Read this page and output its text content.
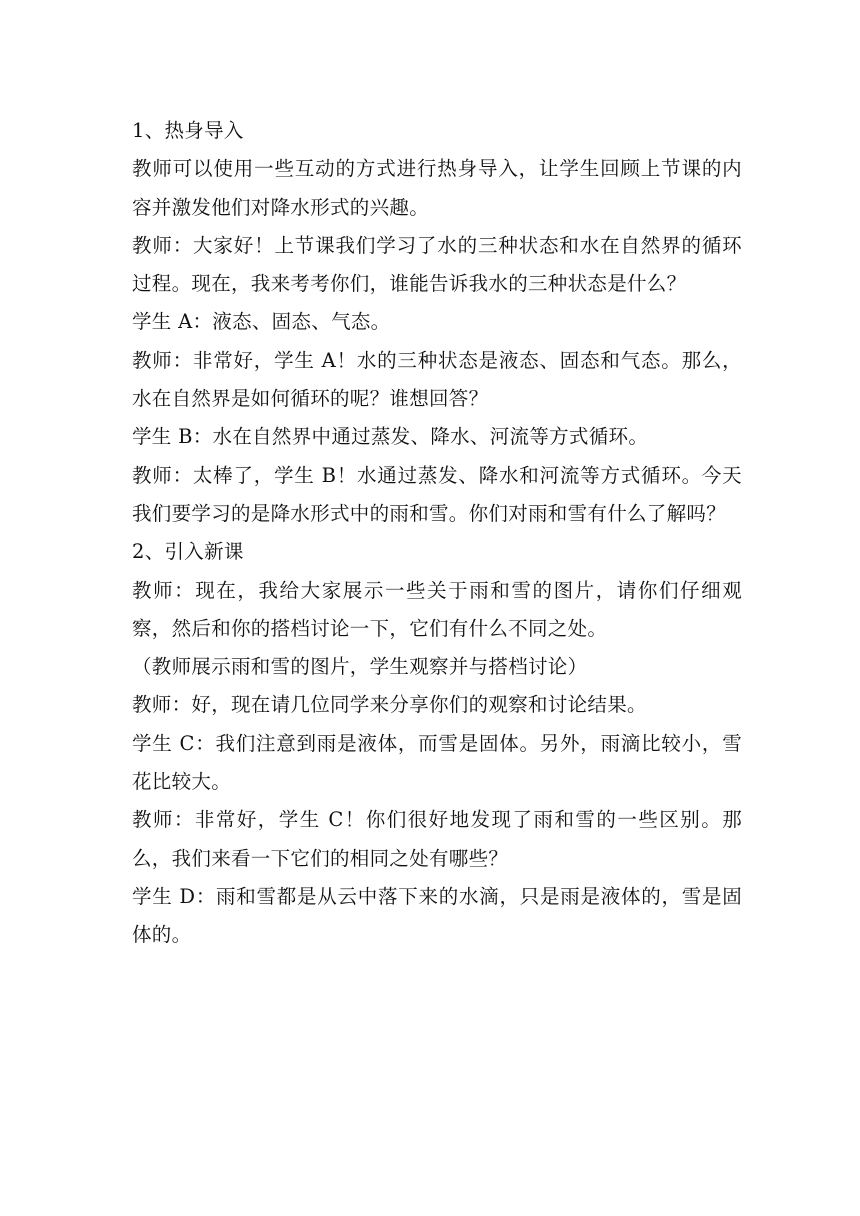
1、热身导入

教师可以使用一些互动的方式进行热身导入，让学生回顾上节课的内容并激发他们对降水形式的兴趣。

教师：大家好！上节课我们学习了水的三种状态和水在自然界的循环过程。现在，我来考考你们，谁能告诉我水的三种状态是什么？

学生 A：液态、固态、气态。

教师：非常好，学生 A！水的三种状态是液态、固态和气态。那么，水在自然界是如何循环的呢？谁想回答？

学生 B：水在自然界中通过蒸发、降水、河流等方式循环。

教师：太棒了，学生 B！水通过蒸发、降水和河流等方式循环。今天我们要学习的是降水形式中的雨和雪。你们对雨和雪有什么了解吗？

2、引入新课

教师：现在，我给大家展示一些关于雨和雪的图片，请你们仔细观察，然后和你的搭档讨论一下，它们有什么不同之处。

（教师展示雨和雪的图片，学生观察并与搭档讨论）

教师：好，现在请几位同学来分享你们的观察和讨论结果。

学生 C：我们注意到雨是液体，而雪是固体。另外，雨滴比较小，雪花比较大。

教师：非常好，学生 C！你们很好地发现了雨和雪的一些区别。那么，我们来看一下它们的相同之处有哪些？

学生 D：雨和雪都是从云中落下来的水滴，只是雨是液体的，雪是固体的。
